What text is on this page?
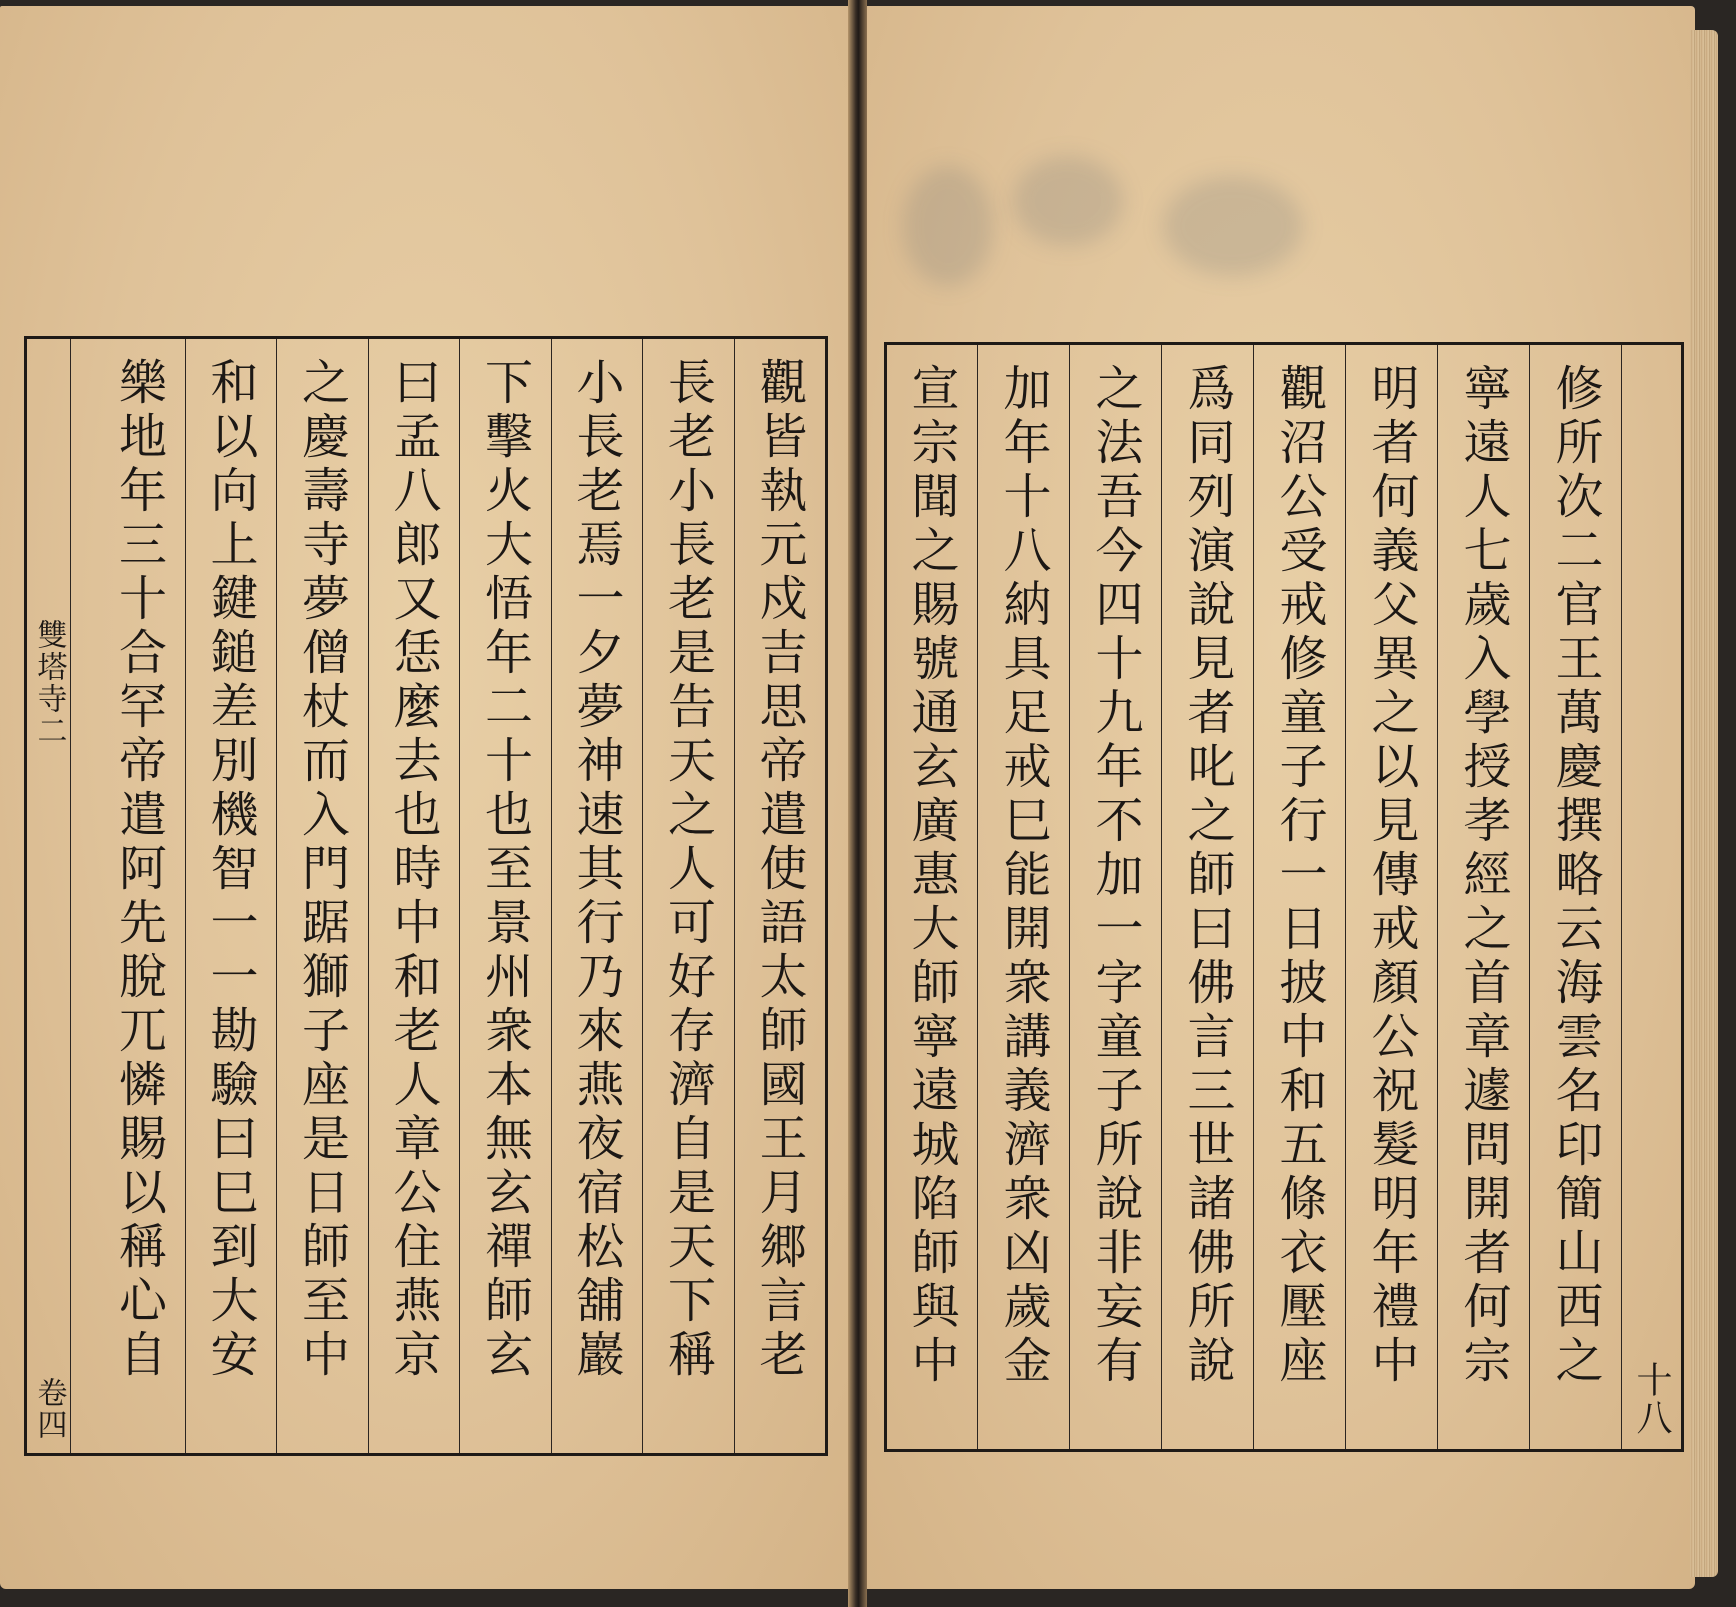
雙塔寺二
卷四
觀皆執元戍吉思帝遣使語太師國王月郷言老
長老小長老是告天之人可好存濟自是天下稱
小長老焉一夕夢神速其行乃來燕夜宿松舖巖
下擊火大悟年二十也至景州衆本無玄禪師玄
曰孟八郎又恁麼去也時中和老人章公住燕京
之慶壽寺夢僧杖而入門踞獅子座是日師至中
和以向上鍵鎚差別機智一一勘驗曰巳到大安
樂地年三十合罕帝遣阿先脫兀憐賜以稱心自	修所次二官王萬慶撰略云海雲名印簡山西之
寧遠人七歲入學授孝經之首章遽問開者何宗
明者何義父異之以見傳戒顏公祝髮明年禮中
觀沼公受戒修童子行一日披中和五條衣壓座
爲同列演說見者叱之師曰佛言三世諸佛所說
之法吾今四十九年不加一字童子所說非妄有
加年十八納具足戒巳能開衆講義濟衆凶歲金
宣宗聞之賜號通玄廣惠大師寧遠城陷師與中
十八
